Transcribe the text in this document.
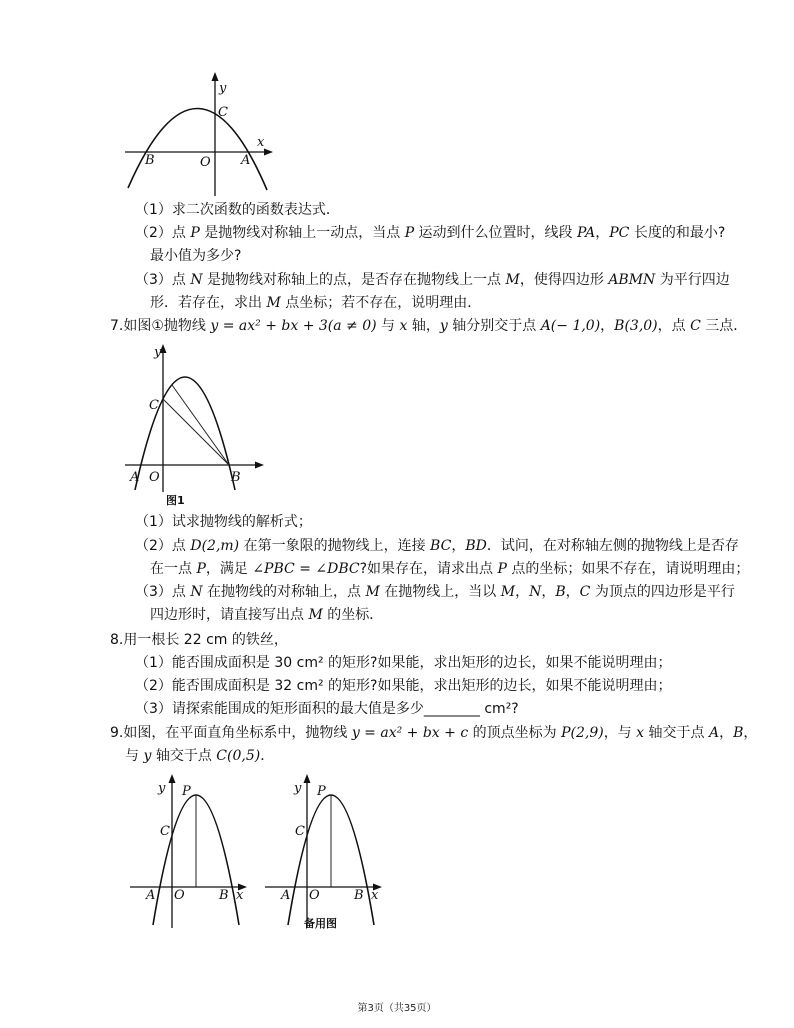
y
C
x
B	O A
y
C
A O	B
图1
y P
C
A O	B x
y P
C
A O	B x
备用图
（1）求二次函数的函数表达式．
（2）点 P 是抛物线对称轴上一动点，当点 P 运动到什么位置时，线段 PA，PC 长度的和最小?
最小值为多少?
（3）点 N 是抛物线对称轴上的点，是否存在抛物线上一点 M，使得四边形 ABMN 为平行四边
形．若存在，求出 M 点坐标；若不存在，说明理由．
7.如图①抛物线 y = ax² + bx + 3(a ≠ 0) 与 x 轴，y 轴分别交于点 A(− 1,0)，B(3,0)，点 C 三点．
（1）试求抛物线的解析式；
（2）点 D(2,m) 在第一象限的抛物线上，连接 BC，BD．试问，在对称轴左侧的抛物线上是否存
在一点 P，满足 ∠PBC = ∠DBC?如果存在，请求出点 P 点的坐标；如果不存在，请说明理由；
（3）点 N 在抛物线的对称轴上，点 M 在抛物线上，当以 M，N，B，C 为顶点的四边形是平行
四边形时，请直接写出点 M 的坐标．
8.用一根长 22 cm 的铁丝，
（1）能否围成面积是 30 cm² 的矩形?如果能，求出矩形的边长，如果不能说明理由；
（2）能否围成面积是 32 cm² 的矩形?如果能，求出矩形的边长，如果不能说明理由；
（3）请探索能围成的矩形面积的最大值是多少________ cm²?
9.如图，在平面直角坐标系中，抛物线 y = ax² + bx + c 的顶点坐标为 P(2,9)，与 x 轴交于点 A，B，
与 y 轴交于点 C(0,5)．
第3页（共35页）
